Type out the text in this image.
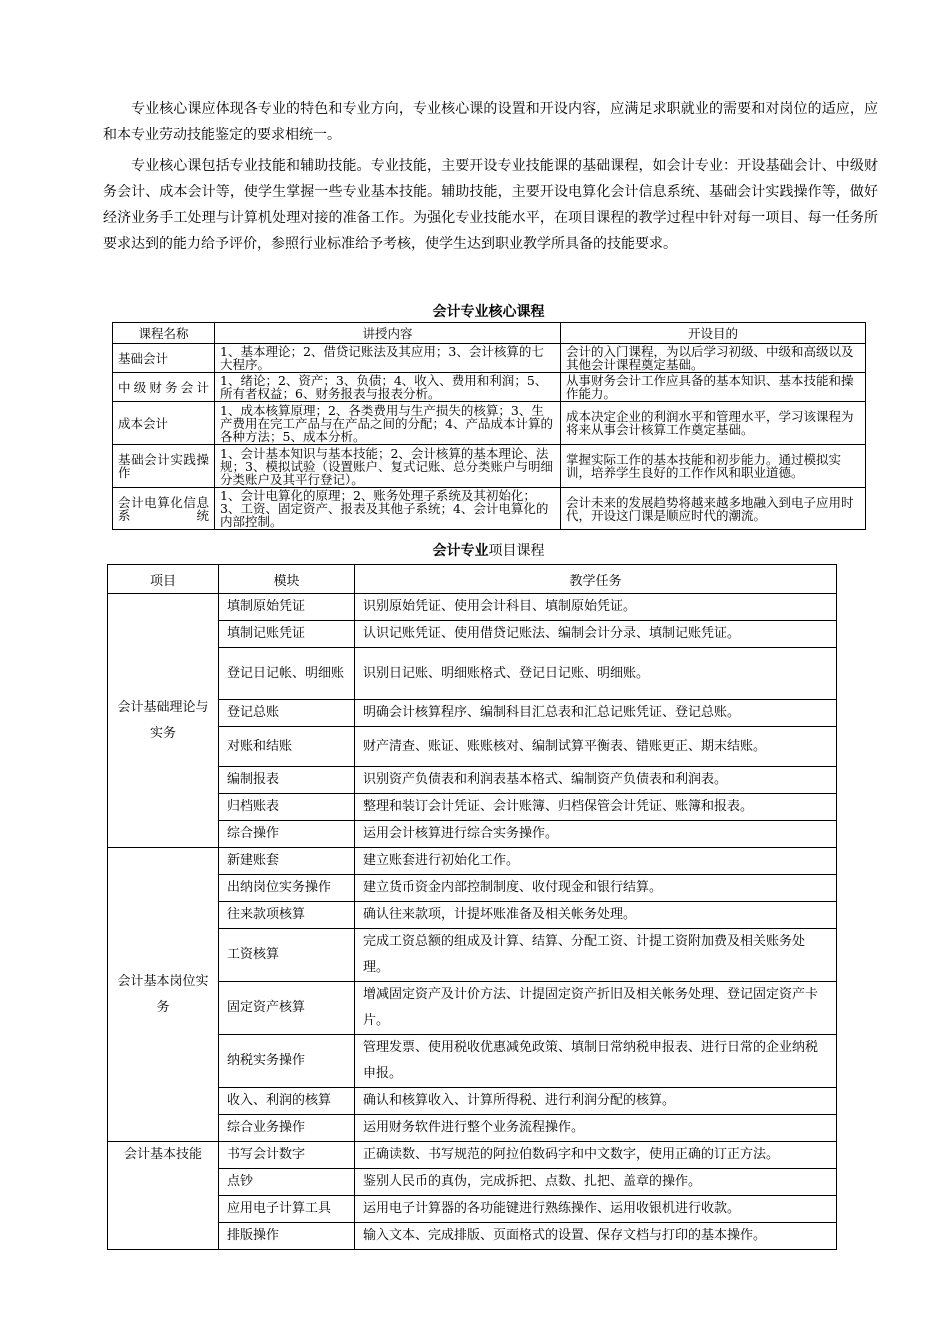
专业核心课应体现各专业的特色和专业方向，专业核心课的设置和开设内容，应满足求职就业的需要和对岗位的适应，应和本专业劳动技能鉴定的要求相统一。

专业核心课包括专业技能和辅助技能。专业技能，主要开设专业技能课的基础课程，如会计专业：开设基础会计、中级财务会计、成本会计等，使学生掌握一些专业基本技能。辅助技能，主要开设电算化会计信息系统、基础会计实践操作等，做好经济业务手工处理与计算机处理对接的准备工作。为强化专业技能水平，在项目课程的教学过程中针对每一项目、每一任务所要求达到的能力给予评价，参照行业标准给予考核，使学生达到职业教学所具备的技能要求。

会计专业核心课程
课程名称	讲授内容	开设目的
基础会计	1、基本理论；2、借贷记账法及其应用；3、会计核算的七大程序。	会计的入门课程，为以后学习初级、中级和高级以及其他会计课程奠定基础。
中级财务会计	1、绪论；2、资产；3、负债；4、收入、费用和利润；5、所有者权益；6、财务报表与报表分析。	从事财务会计工作应具备的基本知识、基本技能和操作能力。
成本会计	1、成本核算原理；2、各类费用与生产损失的核算；3、生产费用在完工产品与在产品之间的分配；4、产品成本计算的各种方法；5、成本分析。	成本决定企业的利润水平和管理水平，学习该课程为将来从事会计核算工作奠定基础。
基础会计实践操作	1、会计基本知识与基本技能；2、会计核算的基本理论、法规；3、模拟试验（设置账户、复式记账、总分类账户与明细分类账户及其平行登记）。	掌握实际工作的基本技能和初步能力。通过模拟实训，培养学生良好的工作作风和职业道德。
会计电算化信息系统	1、会计电算化的原理；2、账务处理子系统及其初始化；3、工资、固定资产、报表及其他子系统；4、会计电算化的内部控制。	会计未来的发展趋势将越来越多地融入到电子应用时代，开设这门课是顺应时代的潮流。
会计专业项目课程
项目	模块	教学任务
会计基础理论与实务	填制原始凭证	识别原始凭证、使用会计科目、填制原始凭证。
	填制记账凭证	认识记账凭证、使用借贷记账法、编制会计分录、填制记账凭证。
	登记日记帐、明细账	识别日记账、明细账格式、登记日记账、明细账。
	登记总账	明确会计核算程序、编制科目汇总表和汇总记账凭证、登记总账。
	对账和结账	财产清查、账证、账账核对、编制试算平衡表、错账更正、期末结账。
	编制报表	识别资产负债表和利润表基本格式、编制资产负债表和利润表。
	归档账表	整理和装订会计凭证、会计账簿、归档保管会计凭证、账簿和报表。
	综合操作	运用会计核算进行综合实务操作。
会计基本岗位实务	新建账套	建立账套进行初始化工作。
	出纳岗位实务操作	建立货币资金内部控制制度、收付现金和银行结算。
	往来款项核算	确认往来款项，计提坏账准备及相关帐务处理。
	工资核算	完成工资总额的组成及计算、结算、分配工资、计提工资附加费及相关账务处理。
	固定资产核算	增减固定资产及计价方法、计提固定资产折旧及相关帐务处理、登记固定资产卡片。
	纳税实务操作	管理发票、使用税收优惠减免政策、填制日常纳税申报表、进行日常的企业纳税申报。
	收入、利润的核算	确认和核算收入、计算所得税、进行利润分配的核算。
	综合业务操作	运用财务软件进行整个业务流程操作。
会计基本技能	书写会计数字	正确读数、书写规范的阿拉伯数码字和中文数字，使用正确的订正方法。
	点钞	鉴别人民币的真伪，完成拆把、点数、扎把、盖章的操作。
	应用电子计算工具	运用电子计算器的各功能键进行熟练操作、运用收银机进行收款。
	排版操作	输入文本、完成排版、页面格式的设置、保存文档与打印的基本操作。
